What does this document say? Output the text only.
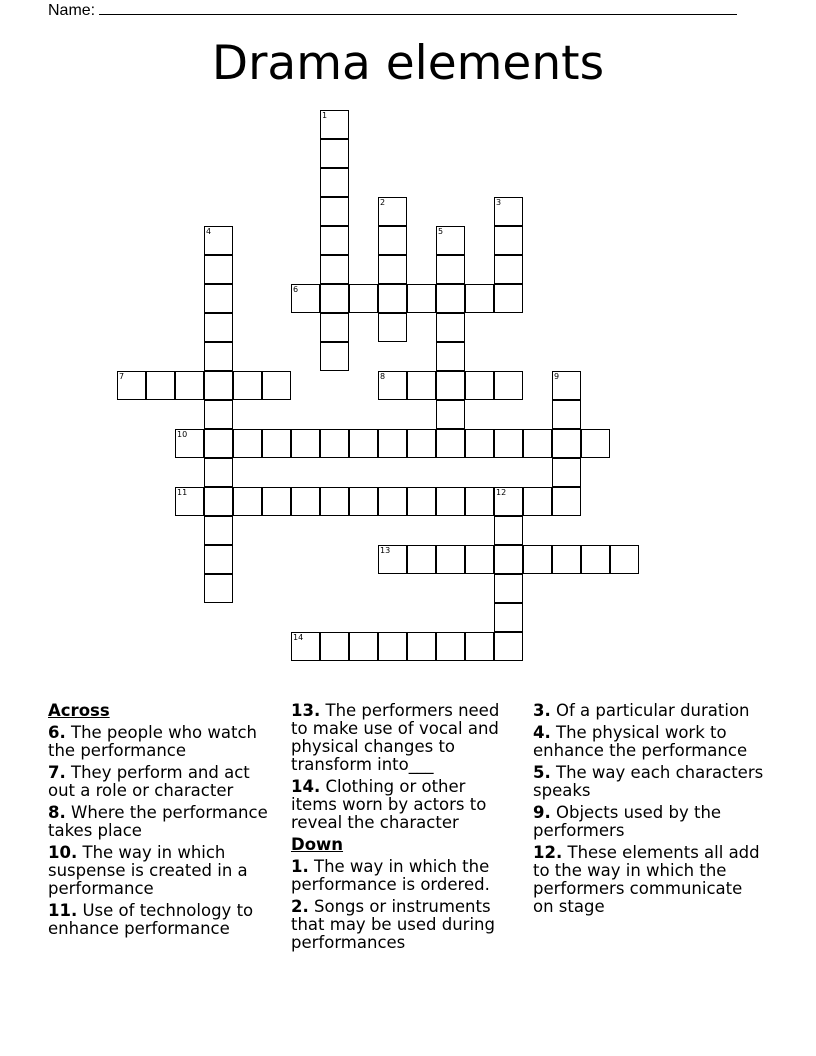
Name:
Drama elements
1
2	3
4	5
6
7	8	9
10
11	12
13
14
Across
6. The people who watch the performance
7. They perform and act out a role or character
8. Where the performance takes place
10. The way in which suspense is created in a performance
11. Use of technology to enhance performance
13. The performers need to make use of vocal and physical changes to transform into___
14. Clothing or other items worn by actors to reveal the character
Down
1. The way in which the performance is ordered.
2. Songs or instruments that may be used during performances
3. Of a particular duration
4. The physical work to enhance the performance
5. The way each characters speaks
9. Objects used by the performers
12. These elements all add to the way in which the performers communicate on stage
